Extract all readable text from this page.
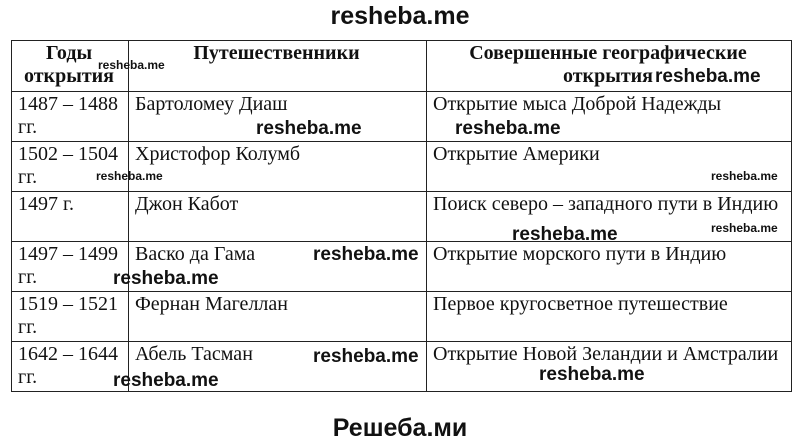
resheba.me
Годы открытия	Путешественники	Совершенные географические открытия
1487 – 1488 гг.	Бартоломеу Диаш	Открытие мыса Доброй Надежды
1502 – 1504 гг.	Христофор Колумб	Открытие Америки
1497 г.	Джон Кабот	Поиск северо – западного пути в Индию
1497 – 1499 гг.	Васко да Гама	Открытие морского пути в Индию
1519 – 1521 гг.	Фернан Магеллан	Первое кругосветное путешествие
1642 – 1644 гг.	Абель Тасман	Открытие Новой Зеландии и Амстралии
resheba.me
resheba.me
resheba.me	resheba.me
resheba.me	resheba.me
resheba.me	resheba.me
resheba.me
resheba.me
resheba.me
resheba.me
resheba.me
Решеба.ми
